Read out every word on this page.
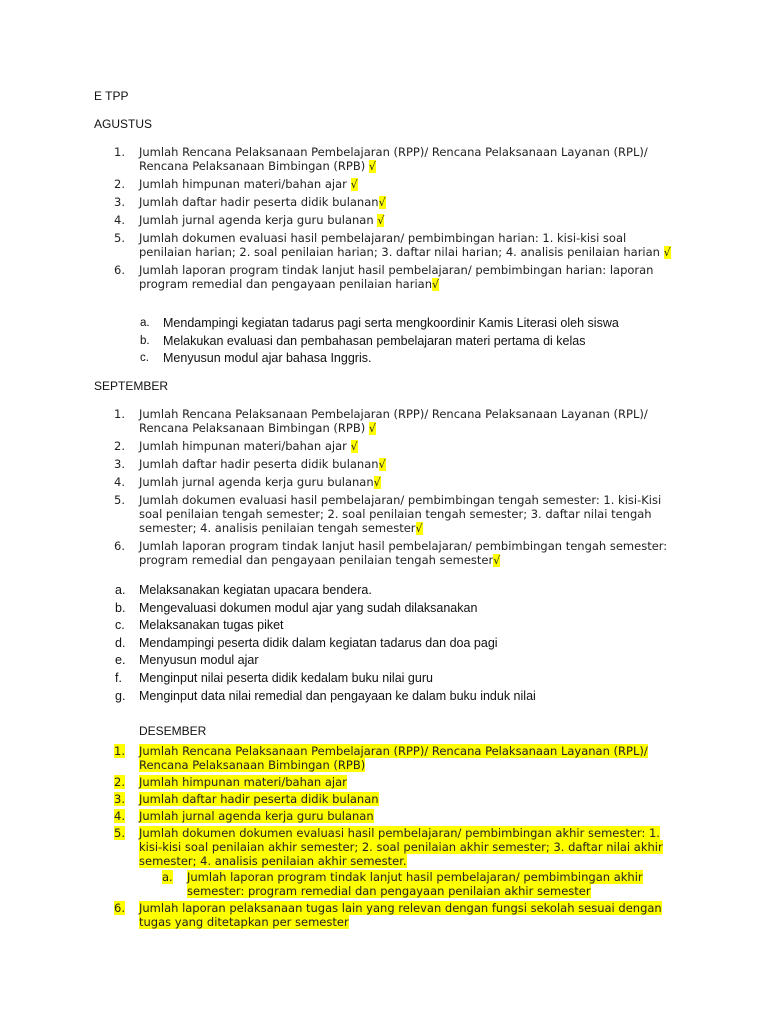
E TPP
AGUSTUS
1. Jumlah Rencana Pelaksanaan Pembelajaran (RPP)/ Rencana Pelaksanaan Layanan (RPL)/ Rencana Pelaksanaan Bimbingan (RPB) √
2. Jumlah himpunan materi/bahan ajar √
3. Jumlah daftar hadir peserta didik bulanan√
4. Jumlah jurnal agenda kerja guru bulanan √
5. Jumlah dokumen evaluasi hasil pembelajaran/ pembimbingan harian: 1. kisi-kisi soal penilaian harian; 2. soal penilaian harian; 3. daftar nilai harian; 4. analisis penilaian harian √
6. Jumlah laporan program tindak lanjut hasil pembelajaran/ pembimbingan harian: laporan program remedial dan pengayaan penilaian harian√
a. Mendampingi kegiatan tadarus pagi serta mengkoordinir Kamis Literasi oleh siswa
b. Melakukan evaluasi dan pembahasan pembelajaran materi pertama di kelas
c. Menyusun modul ajar bahasa Inggris.
SEPTEMBER
1. Jumlah Rencana Pelaksanaan Pembelajaran (RPP)/ Rencana Pelaksanaan Layanan (RPL)/ Rencana Pelaksanaan Bimbingan (RPB) √
2. Jumlah himpunan materi/bahan ajar √
3. Jumlah daftar hadir peserta didik bulanan√
4. Jumlah jurnal agenda kerja guru bulanan√
5. Jumlah dokumen evaluasi hasil pembelajaran/ pembimbingan tengah semester: 1. kisi-Kisi soal penilaian tengah semester; 2. soal penilaian tengah semester; 3. daftar nilai tengah semester; 4. analisis penilaian tengah semester√
6. Jumlah laporan program tindak lanjut hasil pembelajaran/ pembimbingan tengah semester: program remedial dan pengayaan penilaian tengah semester√
a. Melaksanakan kegiatan upacara bendera.
b. Mengevaluasi dokumen modul ajar yang sudah dilaksanakan
c. Melaksanakan tugas piket
d. Mendampingi peserta didik dalam kegiatan tadarus dan doa pagi
e. Menyusun modul ajar
f. Menginput nilai peserta didik kedalam buku nilai guru
g. Menginput data nilai remedial dan pengayaan ke dalam buku induk nilai
DESEMBER
1. Jumlah Rencana Pelaksanaan Pembelajaran (RPP)/ Rencana Pelaksanaan Layanan (RPL)/ Rencana Pelaksanaan Bimbingan (RPB)
2. Jumlah himpunan materi/bahan ajar
3. Jumlah daftar hadir peserta didik bulanan
4. Jumlah jurnal agenda kerja guru bulanan
5. Jumlah dokumen dokumen evaluasi hasil pembelajaran/ pembimbingan akhir semester: 1. kisi-kisi soal penilaian akhir semester; 2. soal penilaian akhir semester; 3. daftar nilai akhir semester; 4. analisis penilaian akhir semester.
a. Jumlah laporan program tindak lanjut hasil pembelajaran/ pembimbingan akhir semester: program remedial dan pengayaan penilaian akhir semester
6. Jumlah laporan pelaksanaan tugas lain yang relevan dengan fungsi sekolah sesuai dengan tugas yang ditetapkan per semester
